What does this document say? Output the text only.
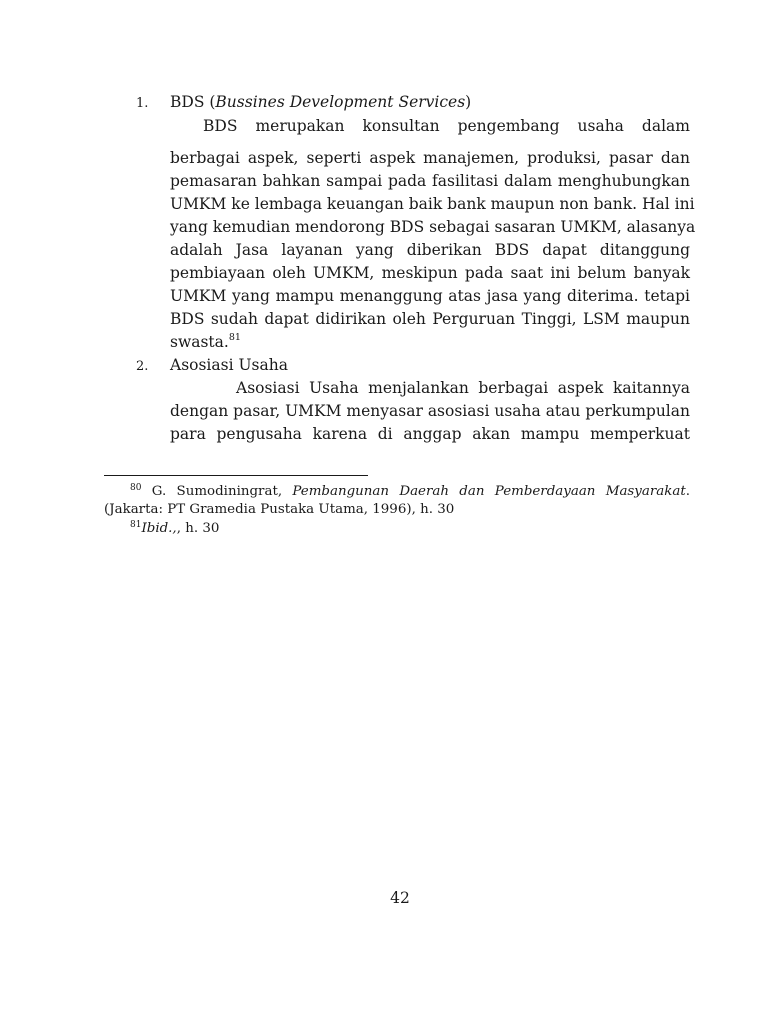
1. BDS (Bussines Development Services)
BDS merupakan konsultan pengembang usaha dalam
berbagai aspek, seperti aspek manajemen, produksi, pasar dan
pemasaran bahkan sampai pada fasilitasi dalam menghubungkan
UMKM ke lembaga keuangan baik bank maupun non bank. Hal ini
yang kemudian mendorong BDS sebagai sasaran UMKM, alasanya
adalah Jasa layanan yang diberikan BDS dapat ditanggung
pembiayaan oleh UMKM, meskipun pada saat ini belum banyak
UMKM yang mampu menanggung atas jasa yang diterima. tetapi
BDS sudah dapat didirikan oleh Perguruan Tinggi, LSM maupun
swasta.$^{81}$
2. Asosiasi Usaha
Asosiasi Usaha menjalankan berbagai aspek kaitannya
dengan pasar, UMKM menyasar asosiasi usaha atau perkumpulan
para pengusaha karena di anggap akan mampu memperkuat
$^{80}$ G. Sumodiningrat, Pembangunan Daerah dan Pemberdayaan Masyarakat.
(Jakarta: PT Gramedia Pustaka Utama, 1996), h. 30
$^{81}$Ibid.,, h. 30
42
